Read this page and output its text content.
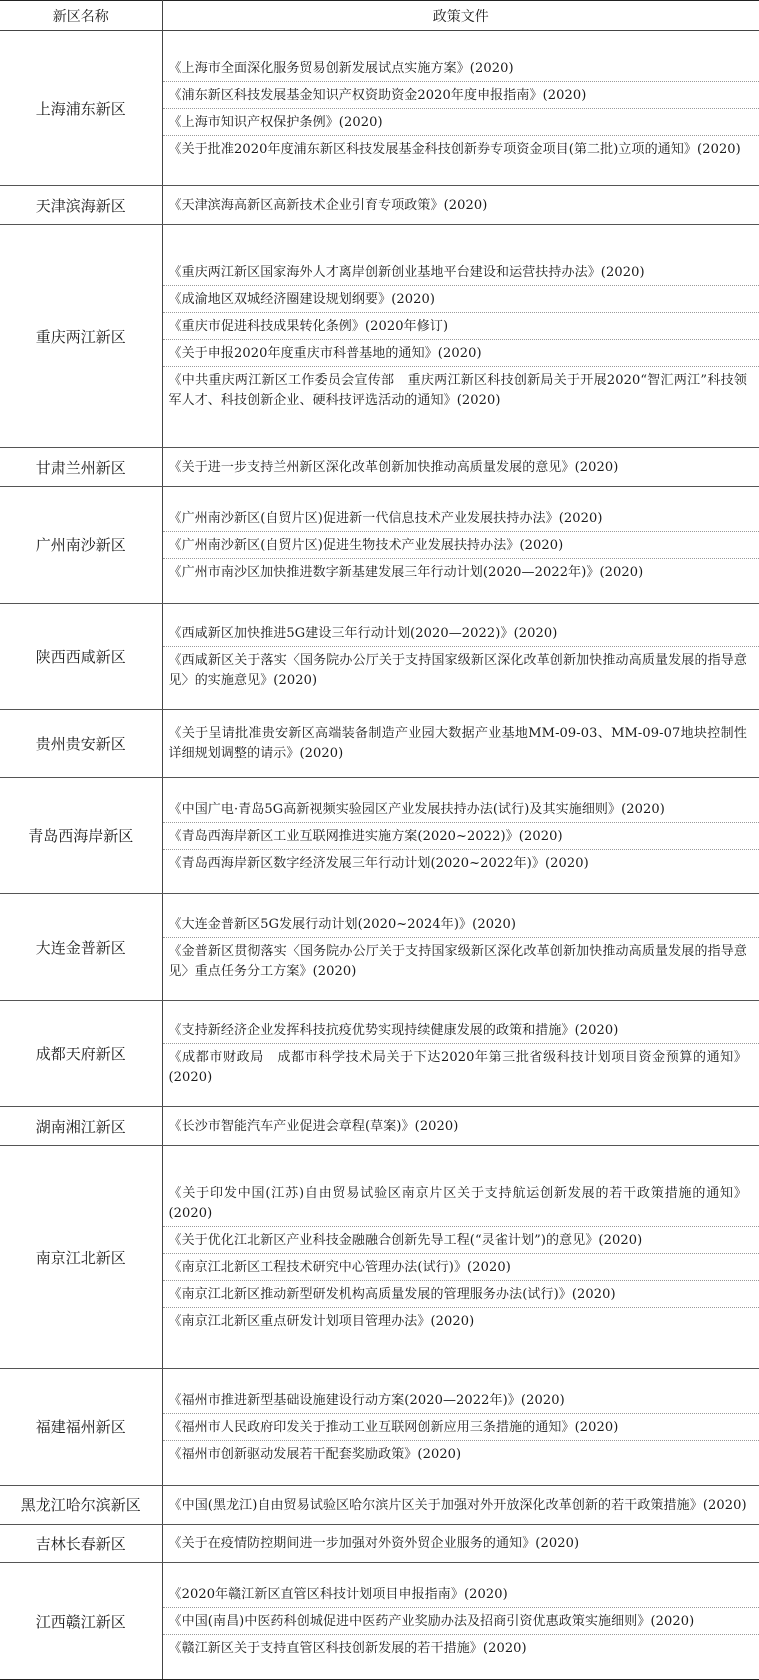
新区名称	政策文件
上海浦东新区	《上海市全面深化服务贸易创新发展试点实施方案》(2020)
《浦东新区科技发展基金知识产权资助资金2020年度申报指南》(2020)
《上海市知识产权保护条例》(2020)
《关于批准2020年度浦东新区科技发展基金科技创新券专项资金项目(第二批)立项的通知》(2020)

天津滨海新区	《天津滨海高新区高新技术企业引育专项政策》(2020)

重庆两江新区	《重庆两江新区国家海外人才离岸创新创业基地平台建设和运营扶持办法》(2020)
《成渝地区双城经济圈建设规划纲要》(2020)
《重庆市促进科技成果转化条例》(2020年修订)
《关于申报2020年度重庆市科普基地的通知》(2020)
《中共重庆两江新区工作委员会宣传部　重庆两江新区科技创新局关于开展2020“智汇两江”科技领军人才、科技创新企业、硬科技评选活动的通知》(2020)

甘肃兰州新区	《关于进一步支持兰州新区深化改革创新加快推动高质量发展的意见》(2020)

广州南沙新区	《广州南沙新区(自贸片区)促进新一代信息技术产业发展扶持办法》(2020)
《广州南沙新区(自贸片区)促进生物技术产业发展扶持办法》(2020)
《广州市南沙区加快推进数字新基建发展三年行动计划(2020—2022年)》(2020)

陕西西咸新区	《西咸新区加快推进5G建设三年行动计划(2020—2022)》(2020)
《西咸新区关于落实〈国务院办公厅关于支持国家级新区深化改革创新加快推动高质量发展的指导意见〉的实施意见》(2020)

贵州贵安新区	《关于呈请批准贵安新区高端装备制造产业园大数据产业基地MM-09-03、MM-09-07地块控制性详细规划调整的请示》(2020)

青岛西海岸新区	《中国广电·青岛5G高新视频实验园区产业发展扶持办法(试行)及其实施细则》(2020)
《青岛西海岸新区工业互联网推进实施方案(2020~2022)》(2020)
《青岛西海岸新区数字经济发展三年行动计划(2020~2022年)》(2020)

大连金普新区	《大连金普新区5G发展行动计划(2020~2024年)》(2020)
《金普新区贯彻落实〈国务院办公厅关于支持国家级新区深化改革创新加快推动高质量发展的指导意见〉重点任务分工方案》(2020)

成都天府新区	《支持新经济企业发挥科技抗疫优势实现持续健康发展的政策和措施》(2020)
《成都市财政局　成都市科学技术局关于下达2020年第三批省级科技计划项目资金预算的通知》(2020)

湖南湘江新区	《长沙市智能汽车产业促进会章程(草案)》(2020)

南京江北新区	《关于印发中国(江苏)自由贸易试验区南京片区关于支持航运创新发展的若干政策措施的通知》(2020)
《关于优化江北新区产业科技金融融合创新先导工程(“灵雀计划”)的意见》(2020)
《南京江北新区工程技术研究中心管理办法(试行)》(2020)
《南京江北新区推动新型研发机构高质量发展的管理服务办法(试行)》(2020)
《南京江北新区重点研发计划项目管理办法》(2020)

福建福州新区	《福州市推进新型基础设施建设行动方案(2020—2022年)》(2020)
《福州市人民政府印发关于推动工业互联网创新应用三条措施的通知》(2020)
《福州市创新驱动发展若干配套奖励政策》(2020)

黑龙江哈尔滨新区	《中国(黑龙江)自由贸易试验区哈尔滨片区关于加强对外开放深化改革创新的若干政策措施》(2020)

吉林长春新区	《关于在疫情防控期间进一步加强对外资外贸企业服务的通知》(2020)

江西赣江新区	《2020年赣江新区直管区科技计划项目申报指南》(2020)
《中国(南昌)中医药科创城促进中医药产业奖励办法及招商引资优惠政策实施细则》(2020)
《赣江新区关于支持直管区科技创新发展的若干措施》(2020)
